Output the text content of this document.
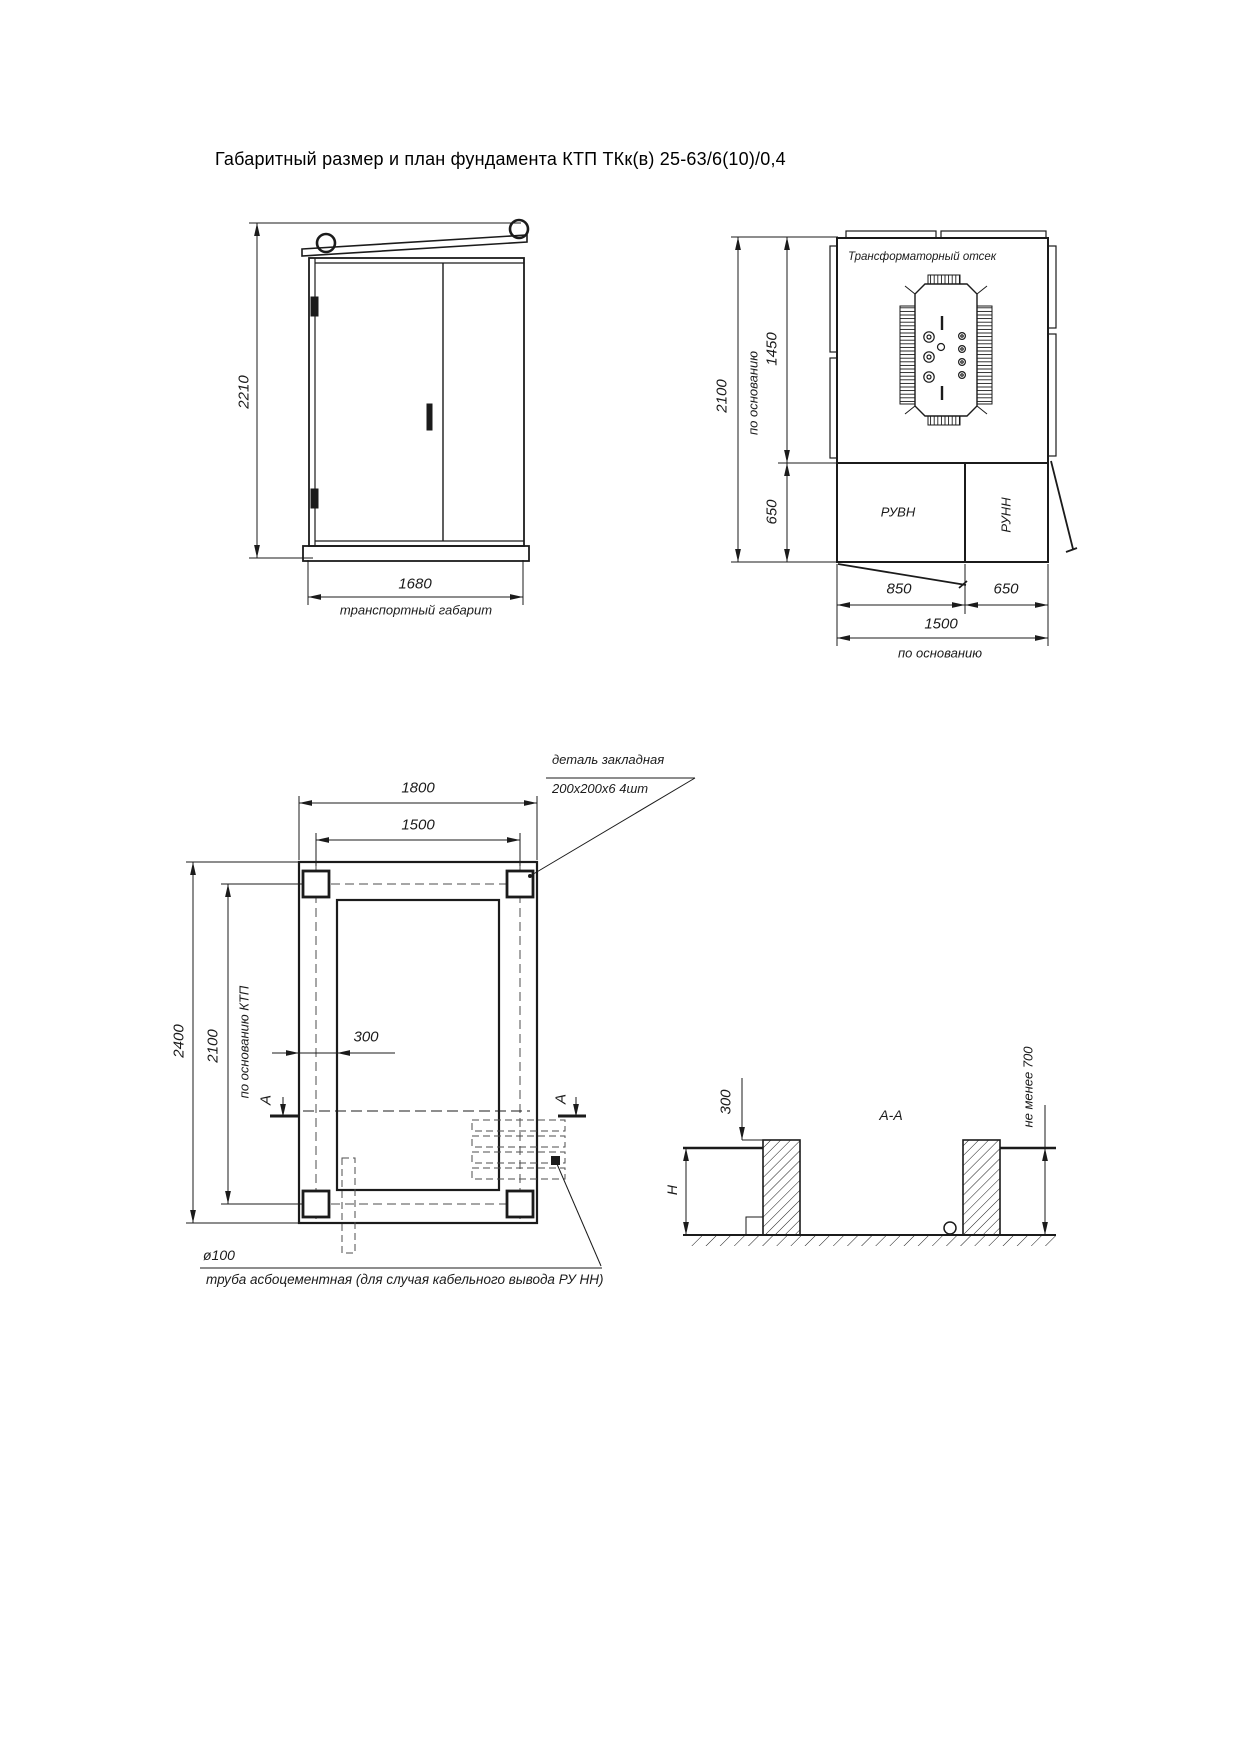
Габаритный размер и план фундамента КТП ТКк(в) 25-63/6(10)/0,4
2210
1680
транспортный габарит
Трансформаторный отсек
2100 по основанию
1450
650	РУВН	РУНН
850	650
1500
по основанию
1800
1500
деталь закладная
200х200х6 4шт
2400 2100 по основанию КТП	300
А	А
ø100
труба асбоцементная (для случая кабельного вывода РУ НН)
300
А-А
Н
не менее 700
